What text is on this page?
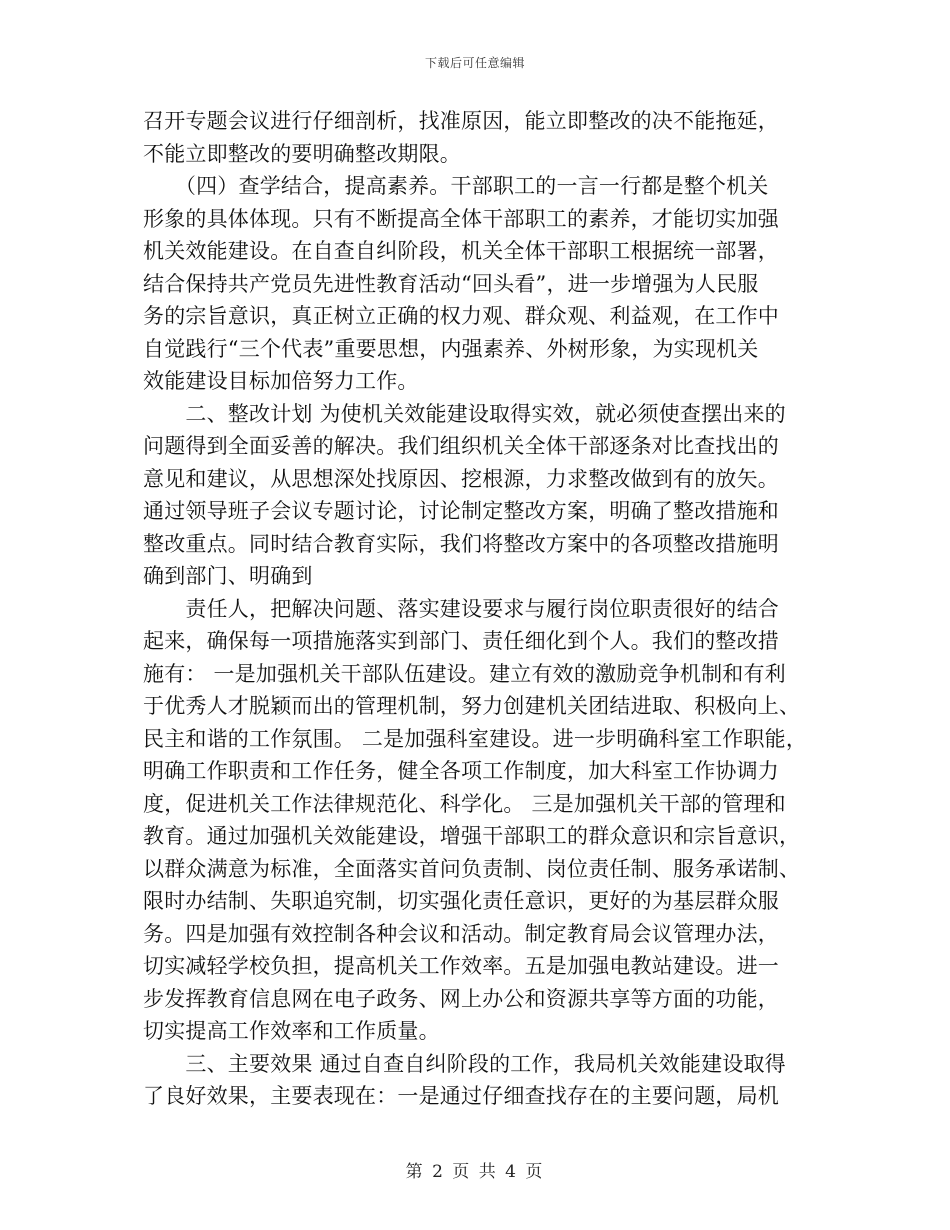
下载后可任意编辑
召开专题会议进行仔细剖析，找准原因，能立即整改的决不能拖延，
不能立即整改的要明确整改期限。
　　（四）查学结合，提高素养。干部职工的一言一行都是整个机关
形象的具体体现。只有不断提高全体干部职工的素养，才能切实加强
机关效能建设。在自查自纠阶段，机关全体干部职工根据统一部署，
结合保持共产党员先进性教育活动“回头看”，进一步增强为人民服
务的宗旨意识，真正树立正确的权力观、群众观、利益观，在工作中
自觉践行“三个代表”重要思想，内强素养、外树形象，为实现机关
效能建设目标加倍努力工作。
　　二、整改计划 为使机关效能建设取得实效，就必须使查摆出来的
问题得到全面妥善的解决。我们组织机关全体干部逐条对比查找出的
意见和建议，从思想深处找原因、挖根源，力求整改做到有的放矢。
通过领导班子会议专题讨论，讨论制定整改方案，明确了整改措施和
整改重点。同时结合教育实际，我们将整改方案中的各项整改措施明
确到部门、明确到
　　责任人，把解决问题、落实建设要求与履行岗位职责很好的结合
起来，确保每一项措施落实到部门、责任细化到个人。我们的整改措
施有： 一是加强机关干部队伍建设。建立有效的激励竞争机制和有利
于优秀人才脱颖而出的管理机制，努力创建机关团结进取、积极向上、
民主和谐的工作氛围。 二是加强科室建设。进一步明确科室工作职能，
明确工作职责和工作任务，健全各项工作制度，加大科室工作协调力
度，促进机关工作法律规范化、科学化。 三是加强机关干部的管理和
教育。通过加强机关效能建设，增强干部职工的群众意识和宗旨意识，
以群众满意为标准，全面落实首问负责制、岗位责任制、服务承诺制、
限时办结制、失职追究制，切实强化责任意识，更好的为基层群众服
务。四是加强有效控制各种会议和活动。制定教育局会议管理办法，
切实减轻学校负担，提高机关工作效率。五是加强电教站建设。进一
步发挥教育信息网在电子政务、网上办公和资源共享等方面的功能，
切实提高工作效率和工作质量。
　　三、主要效果 通过自查自纠阶段的工作，我局机关效能建设取得
了良好效果，主要表现在：一是通过仔细查找存在的主要问题，局机
第 2 页 共 4 页
